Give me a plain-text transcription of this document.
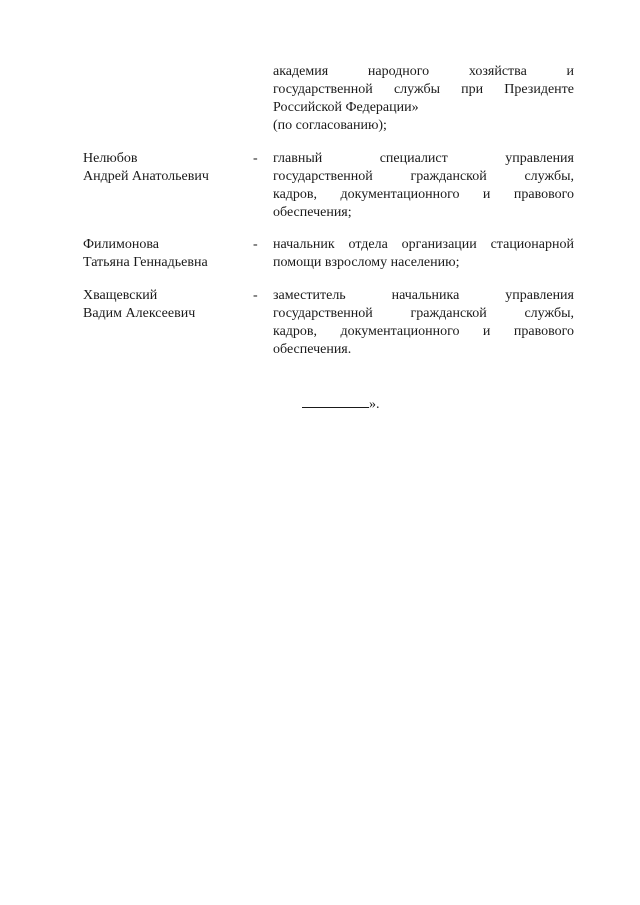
академия народного хозяйства и
государственной службы при Президенте
Российской Федерации»
(по согласованию);
Нелюбов
Андрей Анатольевич
- главный специалист управления
государственной гражданской службы,
кадров, документационного и правового
обеспечения;
Филимонова
Татьяна Геннадьевна
- начальник отдела организации стационарной
помощи взрослому населению;
Хващевский
Вадим Алексеевич
- заместитель начальника управления
государственной гражданской службы,
кадров, документационного и правового
обеспечения.
».
